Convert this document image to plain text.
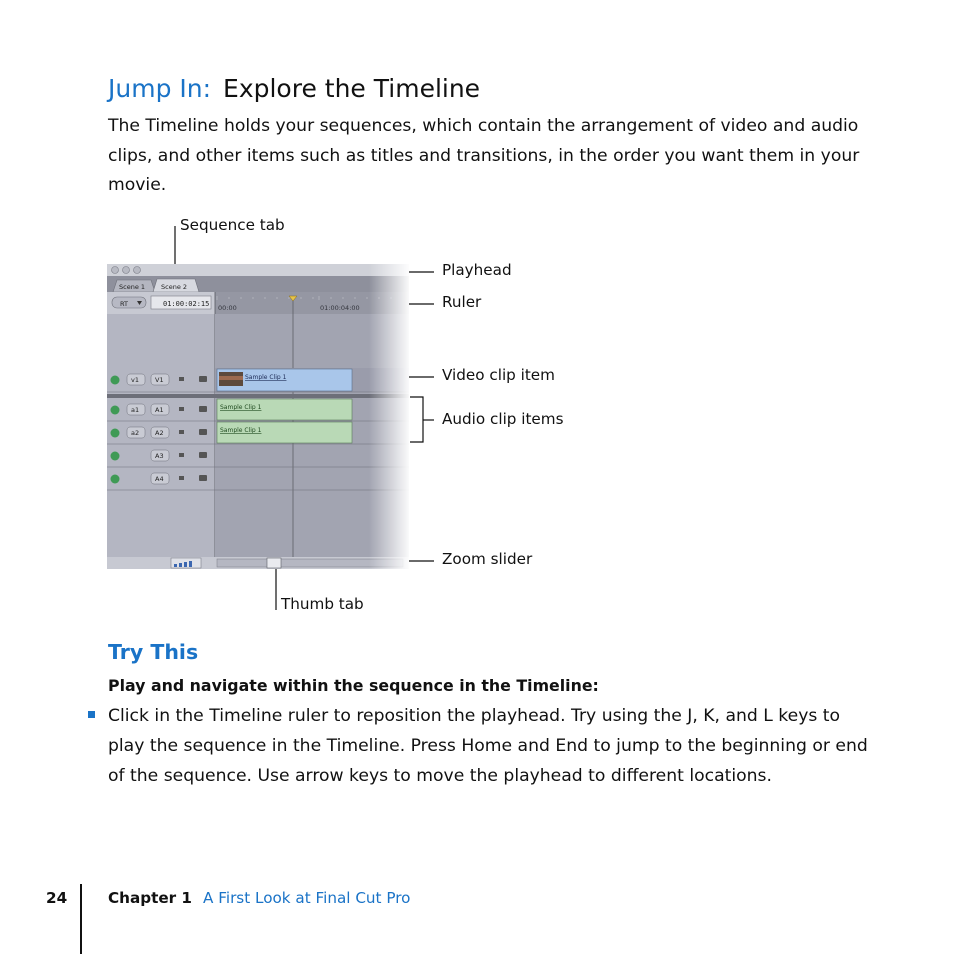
Jump In: Explore the Timeline
The Timeline holds your sequences, which contain the arrangement of video and audio clips, and other items such as titles and transitions, in the order you want them in your movie.
Sequence tab
Playhead
Ruler
Video clip item
Audio clip items
Zoom slider
Thumb tab
Scene 1 Scene 2
RT	01:00:02:15 00:00	01:00:04:00
Sample Clip 1
Sample Clip 1
Sample Clip 1
v1 V1
a1 A1
a2 A2
A3
A4
Try This
Play and navigate within the sequence in the Timeline:
Click in the Timeline ruler to reposition the playhead. Try using the J, K, and L keys to play the sequence in the Timeline. Press Home and End to jump to the beginning or end of the sequence. Use arrow keys to move the playhead to different locations.
24	Chapter 1 A First Look at Final Cut Pro
